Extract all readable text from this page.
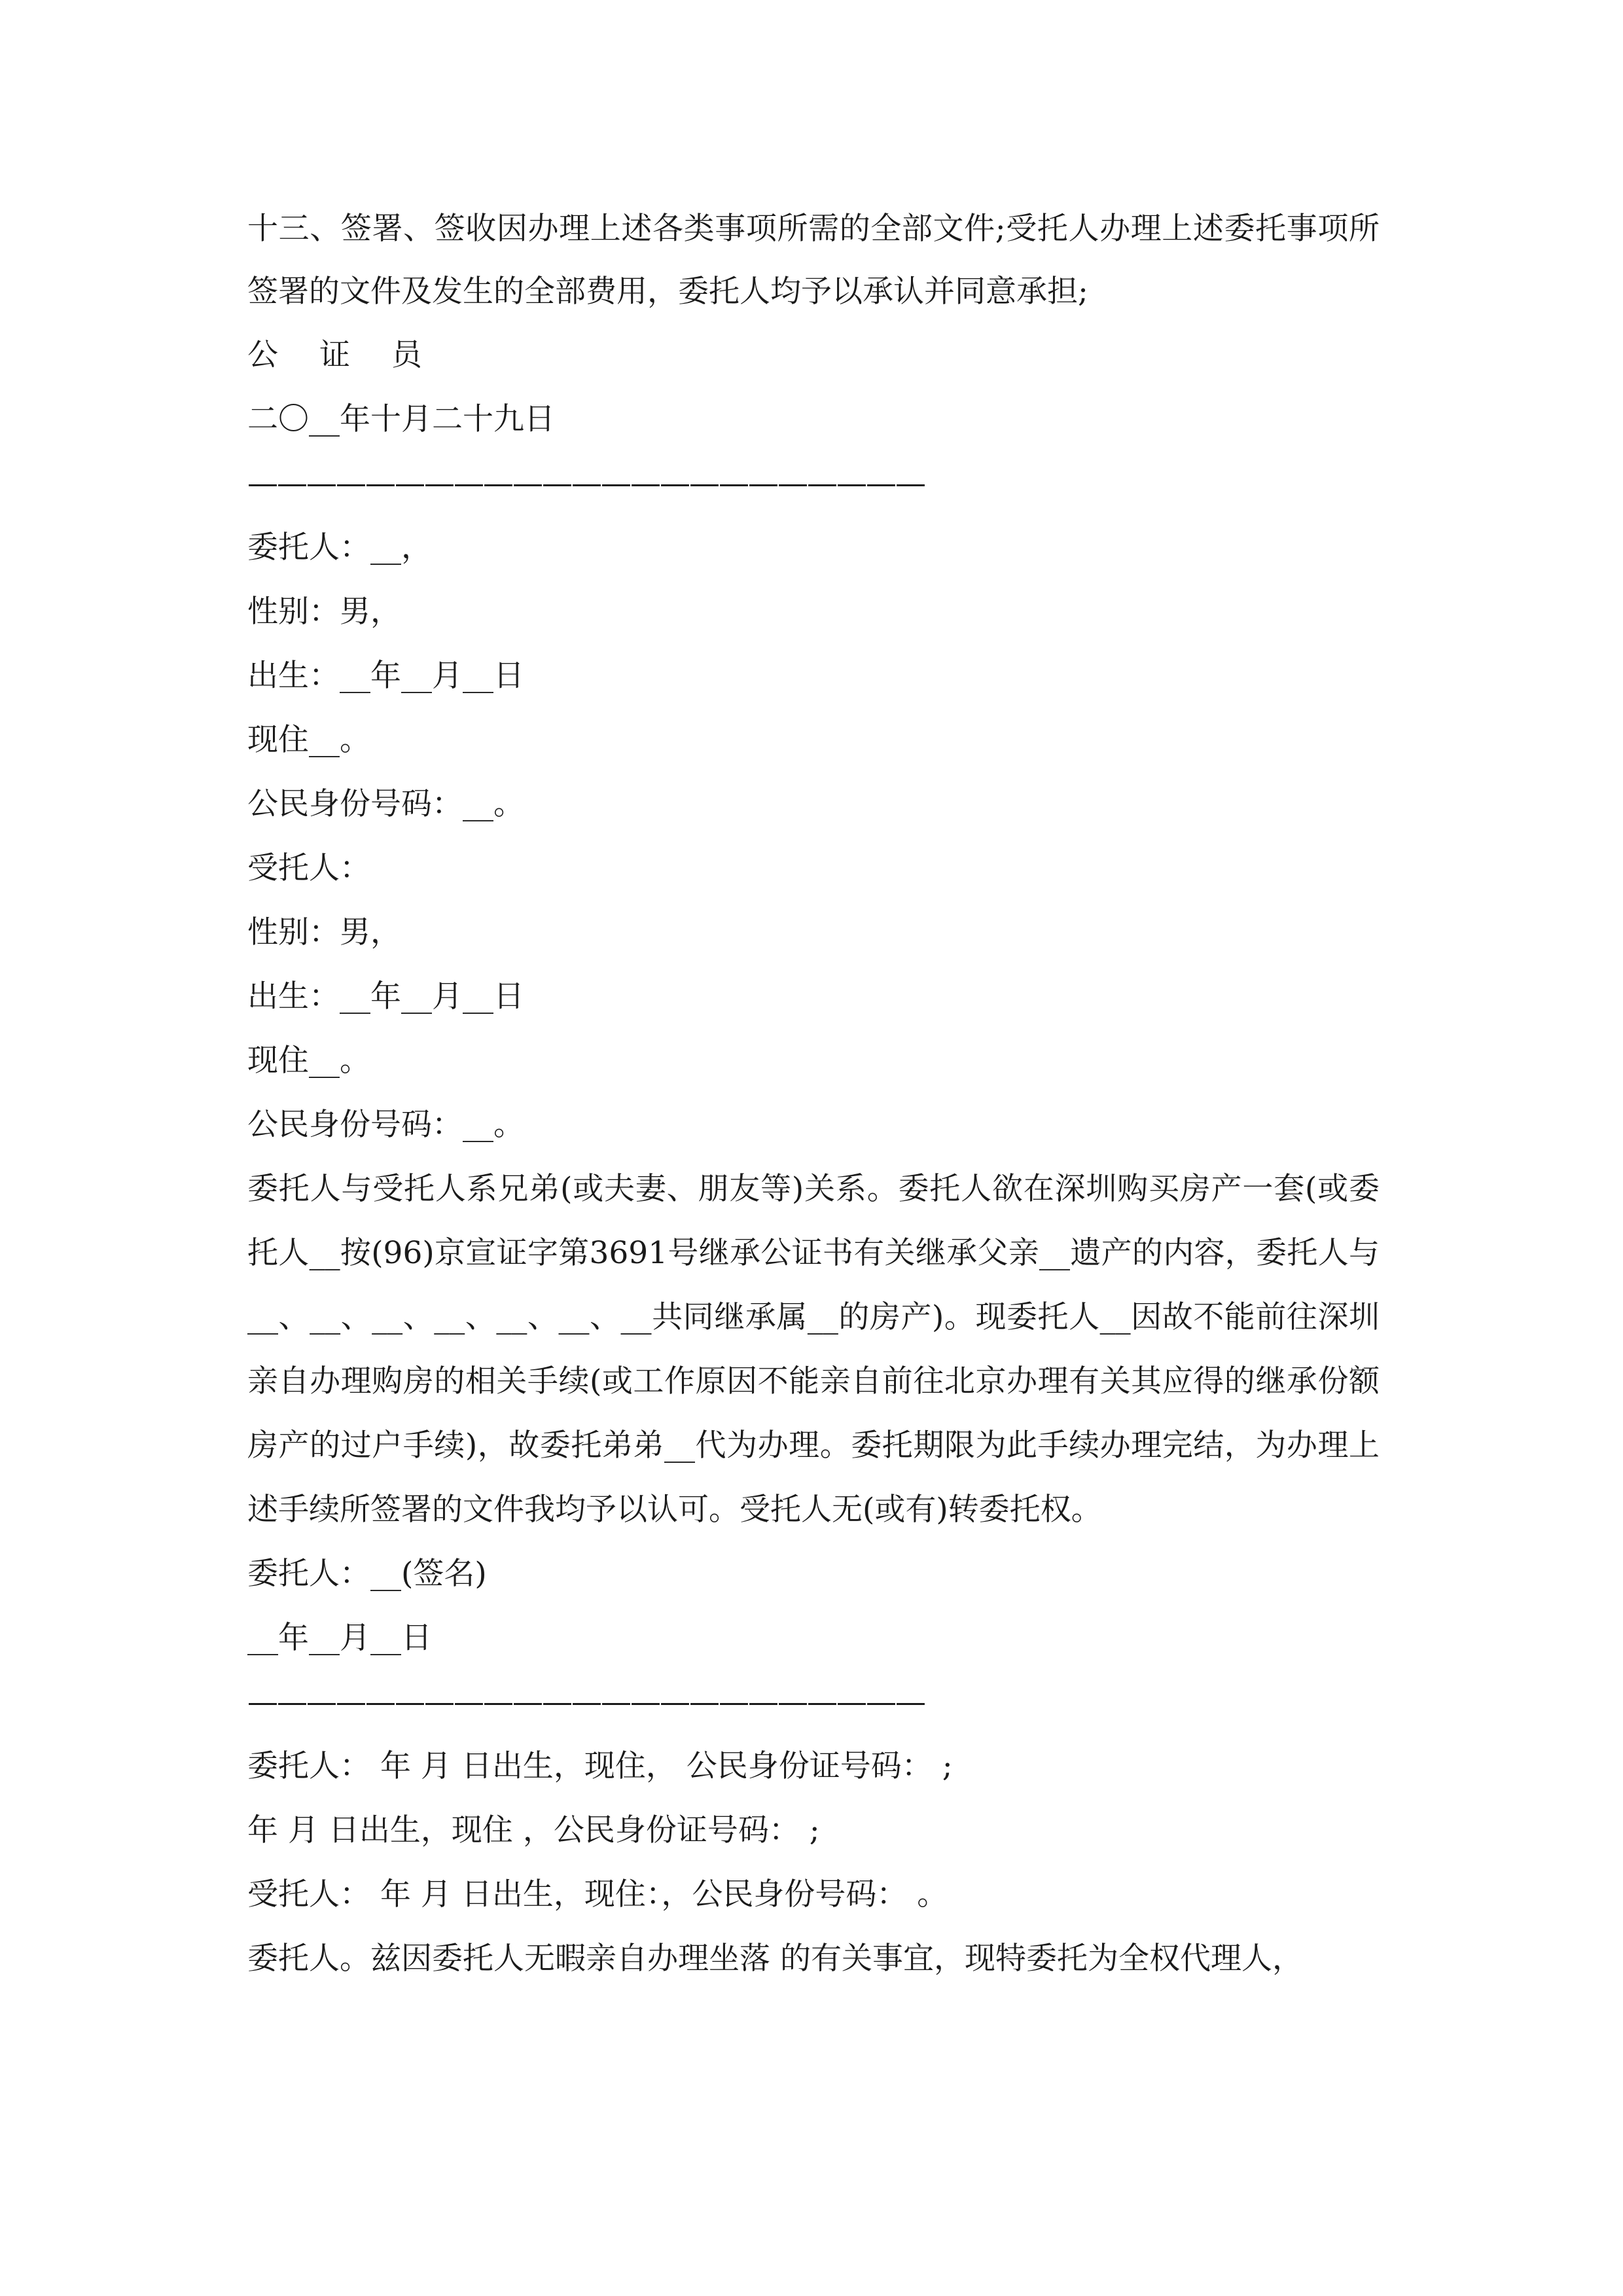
十三、签署、签收因办理上述各类事项所需的全部文件;受托人办理上述委托事项所签署的文件及发生的全部费用，委托人均予以承认并同意承担;
公 证 员
二〇__年十月二十九日
———————————————————————
委托人：__，
性别：男，
出生：__年__月__日
现住__。
公民身份号码：__。
受托人：
性别：男，
出生：__年__月__日
现住__。
公民身份号码：__。
委托人与受托人系兄弟(或夫妻、朋友等)关系。委托人欲在深圳购买房产一套(或委托人__按(96)京宣证字第3691号继承公证书有关继承父亲__遗产的内容，委托人与__、__、__、__、__、__、__共同继承属__的房产)。现委托人__因故不能前往深圳亲自办理购房的相关手续(或工作原因不能亲自前往北京办理有关其应得的继承份额房产的过户手续)，故委托弟弟__代为办理。委托期限为此手续办理完结，为办理上述手续所签署的文件我均予以认可。受托人无(或有)转委托权。
委托人：__(签名)
__年__月__日
———————————————————————
委托人： 年 月 日出生，现住， 公民身份证号码： ;
年 月 日出生，现住 ，公民身份证号码： ;
受托人： 年 月 日出生，现住：，公民身份号码： 。
委托人。兹因委托人无暇亲自办理坐落 的有关事宜，现特委托为全权代理人，
